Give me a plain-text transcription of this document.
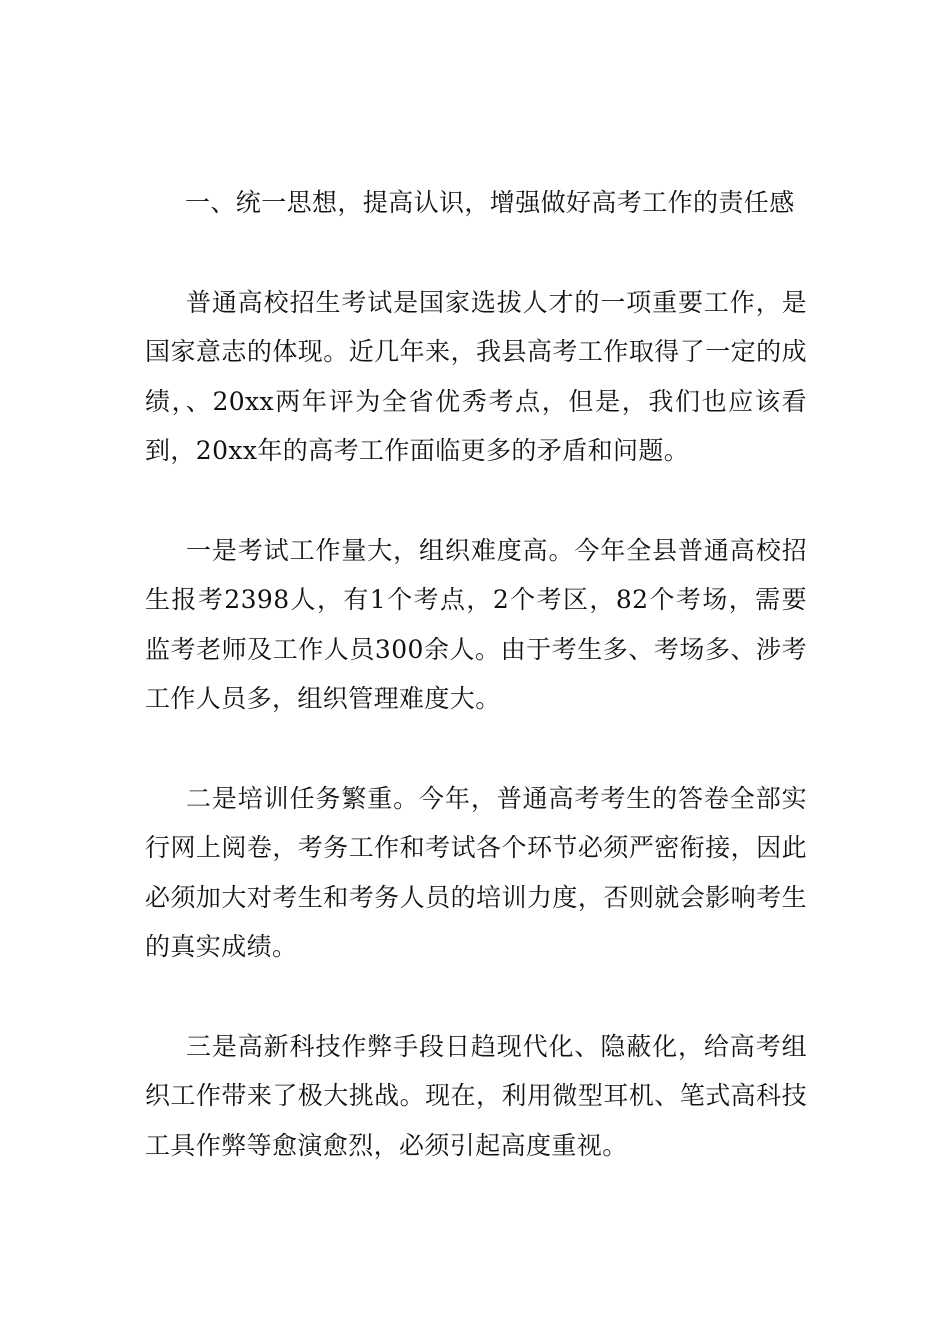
一、统一思想，提高认识，增强做好高考工作的责任感

普通高校招生考试是国家选拔人才的一项重要工作，是国家意志的体现。近几年来，我县高考工作取得了一定的成绩，、20xx两年评为全省优秀考点，但是，我们也应该看到，20xx年的高考工作面临更多的矛盾和问题。

一是考试工作量大，组织难度高。今年全县普通高校招生报考2398人，有1个考点，2个考区，82个考场，需要监考老师及工作人员300余人。由于考生多、考场多、涉考工作人员多，组织管理难度大。

二是培训任务繁重。今年，普通高考考生的答卷全部实行网上阅卷，考务工作和考试各个环节必须严密衔接，因此必须加大对考生和考务人员的培训力度，否则就会影响考生的真实成绩。

三是高新科技作弊手段日趋现代化、隐蔽化，给高考组织工作带来了极大挑战。现在，利用微型耳机、笔式高科技工具作弊等愈演愈烈，必须引起高度重视。
